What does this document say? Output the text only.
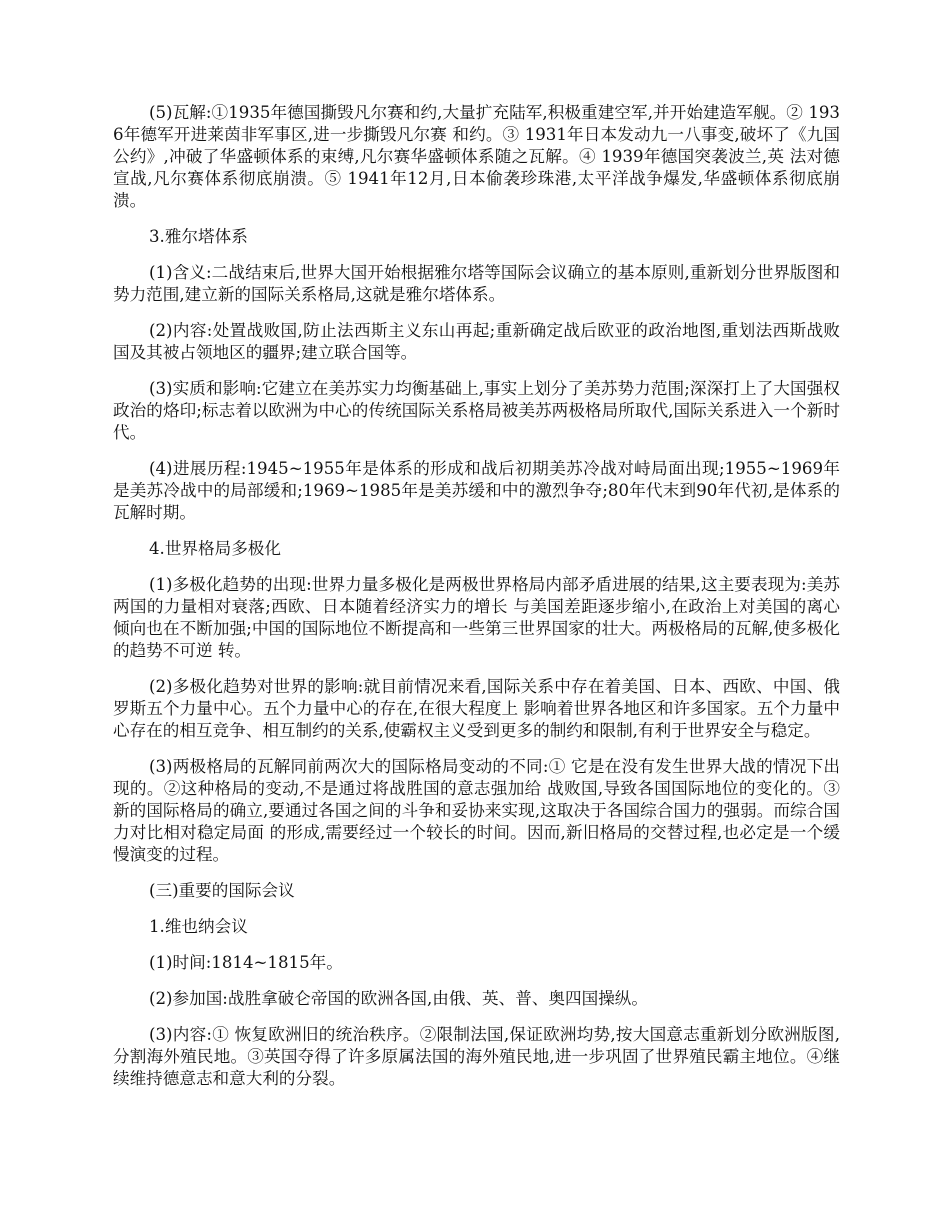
(5)瓦解:①1935年德国撕毁凡尔赛和约,大量扩充陆军,积极重建空军,并开始建造军舰。② 1936年德军开进莱茵非军事区,进一步撕毁凡尔赛 和约。③ 1931年日本发动九一八事变,破坏了《九国公约》,冲破了华盛顿体系的束缚,凡尔赛华盛顿体系随之瓦解。④ 1939年德国突袭波兰,英 法对德宣战,凡尔赛体系彻底崩溃。⑤ 1941年12月,日本偷袭珍珠港,太平洋战争爆发,华盛顿体系彻底崩溃。

3.雅尔塔体系

(1)含义:二战结束后,世界大国开始根据雅尔塔等国际会议确立的基本原则,重新划分世界版图和势力范围,建立新的国际关系格局,这就是雅尔塔体系。

(2)内容:处置战败国,防止法西斯主义东山再起;重新确定战后欧亚的政治地图,重划法西斯战败国及其被占领地区的疆界;建立联合国等。

(3)实质和影响:它建立在美苏实力均衡基础上,事实上划分了美苏势力范围;深深打上了大国强权政治的烙印;标志着以欧洲为中心的传统国际关系格局被美苏两极格局所取代,国际关系进入一个新时代。

(4)进展历程:1945~1955年是体系的形成和战后初期美苏冷战对峙局面出现;1955~1969年是美苏冷战中的局部缓和;1969~1985年是美苏缓和中的激烈争夺;80年代末到90年代初,是体系的瓦解时期。

4.世界格局多极化

(1)多极化趋势的出现:世界力量多极化是两极世界格局内部矛盾进展的结果,这主要表现为:美苏两国的力量相对衰落;西欧、日本随着经济实力的增长 与美国差距逐步缩小,在政治上对美国的离心倾向也在不断加强;中国的国际地位不断提高和一些第三世界国家的壮大。两极格局的瓦解,使多极化的趋势不可逆 转。

(2)多极化趋势对世界的影响:就目前情况来看,国际关系中存在着美国、日本、西欧、中国、俄罗斯五个力量中心。五个力量中心的存在,在很大程度上 影响着世界各地区和许多国家。五个力量中心存在的相互竞争、相互制约的关系,使霸权主义受到更多的制约和限制,有利于世界安全与稳定。

(3)两极格局的瓦解同前两次大的国际格局变动的不同:① 它是在没有发生世界大战的情况下出现的。②这种格局的变动,不是通过将战胜国的意志强加给 战败国,导致各国国际地位的变化的。③新的国际格局的确立,要通过各国之间的斗争和妥协来实现,这取决于各国综合国力的强弱。而综合国力对比相对稳定局面 的形成,需要经过一个较长的时间。因而,新旧格局的交替过程,也必定是一个缓慢演变的过程。

(三)重要的国际会议

1.维也纳会议

(1)时间:1814~1815年。

(2)参加国:战胜拿破仑帝国的欧洲各国,由俄、英、普、奥四国操纵。

(3)内容:① 恢复欧洲旧的统治秩序。②限制法国,保证欧洲均势,按大国意志重新划分欧洲版图,分割海外殖民地。③英国夺得了许多原属法国的海外殖民地,进一步巩固了世界殖民霸主地位。④继续维持德意志和意大利的分裂。
